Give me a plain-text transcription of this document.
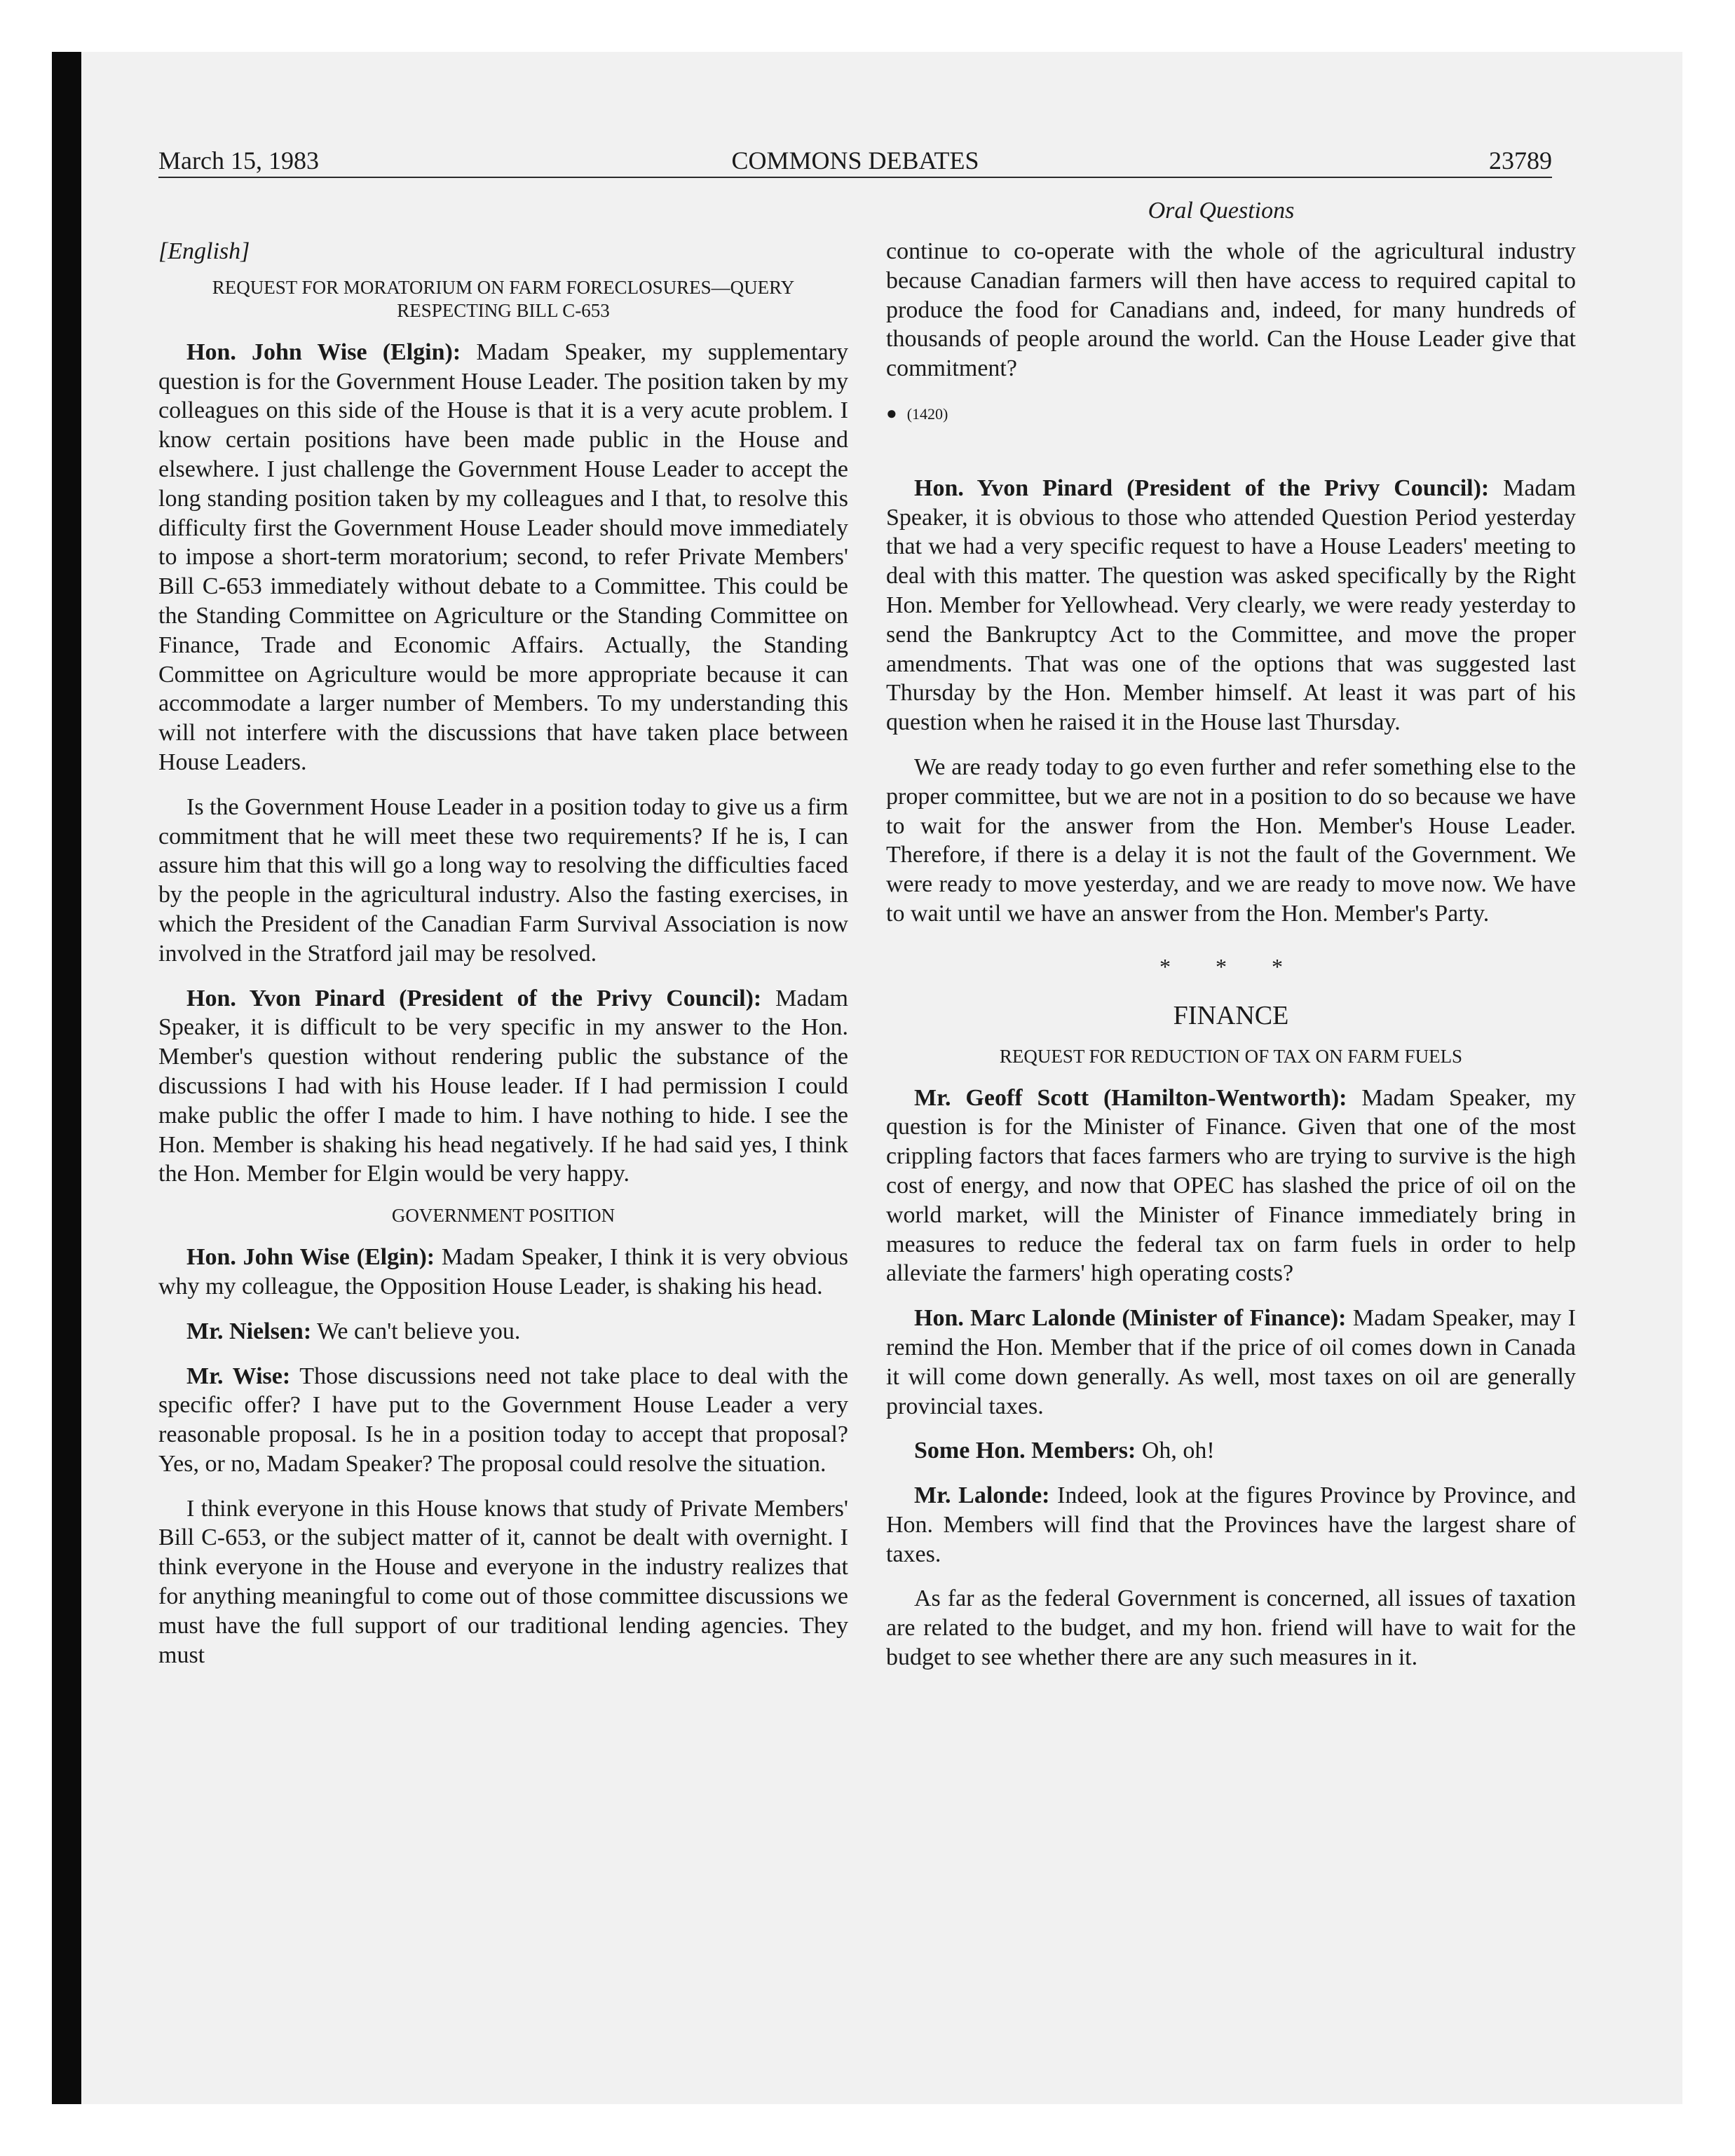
March 15, 1983	COMMONS DEBATES	23789
Oral Questions

[English]

REQUEST FOR MORATORIUM ON FARM FORECLOSURES—QUERY RESPECTING BILL C-653

Hon. John Wise (Elgin): Madam Speaker, my supplementary question is for the Government House Leader. The position taken by my colleagues on this side of the House is that it is a very acute problem. I know certain positions have been made public in the House and elsewhere. I just challenge the Government House Leader to accept the long standing position taken by my colleagues and I that, to resolve this difficulty first the Government House Leader should move immediately to impose a short-term moratorium; second, to refer Private Members' Bill C-653 immediately without debate to a Committee. This could be the Standing Committee on Agriculture or the Standing Committee on Finance, Trade and Economic Affairs. Actually, the Standing Committee on Agriculture would be more appropriate because it can accommodate a larger number of Members. To my understanding this will not interfere with the discussions that have taken place between House Leaders.

Is the Government House Leader in a position today to give us a firm commitment that he will meet these two requirements? If he is, I can assure him that this will go a long way to resolving the difficulties faced by the people in the agricultural industry. Also the fasting exercises, in which the President of the Canadian Farm Survival Association is now involved in the Stratford jail may be resolved.

Hon. Yvon Pinard (President of the Privy Council): Madam Speaker, it is difficult to be very specific in my answer to the Hon. Member's question without rendering public the substance of the discussions I had with his House leader. If I had permission I could make public the offer I made to him. I have nothing to hide. I see the Hon. Member is shaking his head negatively. If he had said yes, I think the Hon. Member for Elgin would be very happy.

GOVERNMENT POSITION

Hon. John Wise (Elgin): Madam Speaker, I think it is very obvious why my colleague, the Opposition House Leader, is shaking his head.

Mr. Nielsen: We can't believe you.

Mr. Wise: Those discussions need not take place to deal with the specific offer? I have put to the Government House Leader a very reasonable proposal. Is he in a position today to accept that proposal? Yes, or no, Madam Speaker? The proposal could resolve the situation.

I think everyone in this House knows that study of Private Members' Bill C-653, or the subject matter of it, cannot be dealt with overnight. I think everyone in the House and everyone in the industry realizes that for anything meaningful to come out of those committee discussions we must have the full support of our traditional lending agencies. They must

continue to co-operate with the whole of the agricultural industry because Canadian farmers will then have access to required capital to produce the food for Canadians and, indeed, for many hundreds of thousands of people around the world. Can the House Leader give that commitment?

● (1420)

Hon. Yvon Pinard (President of the Privy Council): Madam Speaker, it is obvious to those who attended Question Period yesterday that we had a very specific request to have a House Leaders' meeting to deal with this matter. The question was asked specifically by the Right Hon. Member for Yellowhead. Very clearly, we were ready yesterday to send the Bankruptcy Act to the Committee, and move the proper amendments. That was one of the options that was suggested last Thursday by the Hon. Member himself. At least it was part of his question when he raised it in the House last Thursday.

We are ready today to go even further and refer something else to the proper committee, but we are not in a position to do so because we have to wait for the answer from the Hon. Member's House Leader. Therefore, if there is a delay it is not the fault of the Government. We were ready to move yesterday, and we are ready to move now. We have to wait until we have an answer from the Hon. Member's Party.

* * *
FINANCE
REQUEST FOR REDUCTION OF TAX ON FARM FUELS

Mr. Geoff Scott (Hamilton-Wentworth): Madam Speaker, my question is for the Minister of Finance. Given that one of the most crippling factors that faces farmers who are trying to survive is the high cost of energy, and now that OPEC has slashed the price of oil on the world market, will the Minister of Finance immediately bring in measures to reduce the federal tax on farm fuels in order to help alleviate the farmers' high operating costs?

Hon. Marc Lalonde (Minister of Finance): Madam Speaker, may I remind the Hon. Member that if the price of oil comes down in Canada it will come down generally. As well, most taxes on oil are generally provincial taxes.

Some Hon. Members: Oh, oh!

Mr. Lalonde: Indeed, look at the figures Province by Province, and Hon. Members will find that the Provinces have the largest share of taxes.

As far as the federal Government is concerned, all issues of taxation are related to the budget, and my hon. friend will have to wait for the budget to see whether there are any such measures in it.
